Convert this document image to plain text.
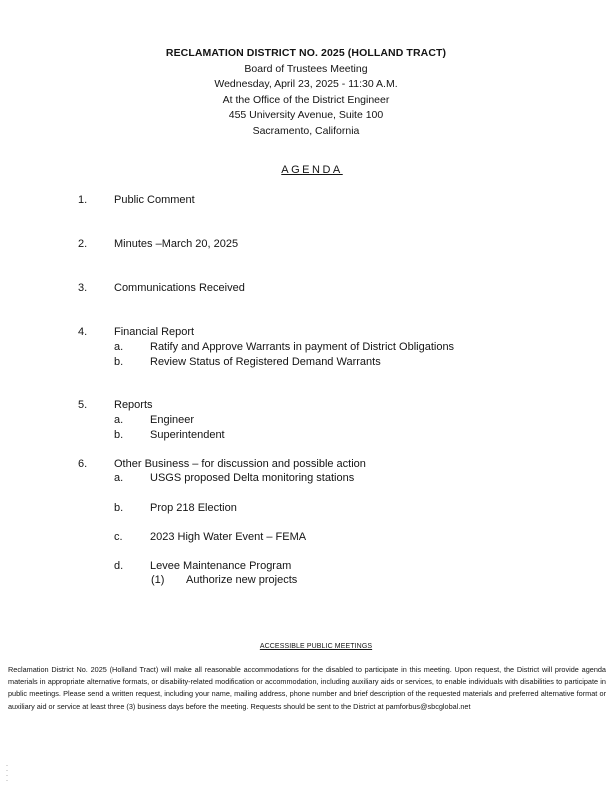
RECLAMATION DISTRICT NO. 2025 (HOLLAND TRACT)
Board of Trustees Meeting
Wednesday, April 23, 2025 - 11:30 A.M.
At the Office of the District Engineer
455 University Avenue, Suite 100
Sacramento, California
AGENDA
1.	Public Comment
2.	Minutes –March 20, 2025
3.	Communications Received
4.	Financial Report
a. Ratify and Approve Warrants in payment of District Obligations
b. Review Status of Registered Demand Warrants
5.	Reports
a. Engineer
b. Superintendent
6.	Other Business – for discussion and possible action
a. USGS proposed Delta monitoring stations
b. Prop 218 Election
c. 2023 High Water Event – FEMA
d. Levee Maintenance Program
(1) Authorize new projects
ACCESSIBLE PUBLIC MEETINGS
Reclamation District No. 2025 (Holland Tract) will make all reasonable accommodations for the disabled to participate in this meeting. Upon request, the District will provide agenda materials in appropriate alternative formats, or disability-related modification or accommodation, including auxiliary aids or services, to enable individuals with disabilities to participate in public meetings. Please send a written request, including your name, mailing address, phone number and brief description of the requested materials and preferred alternative format or auxiliary aid or service at least three (3) business days before the meeting. Requests should be sent to the District at pamforbus@sbcglobal.net
·
·
·
·
